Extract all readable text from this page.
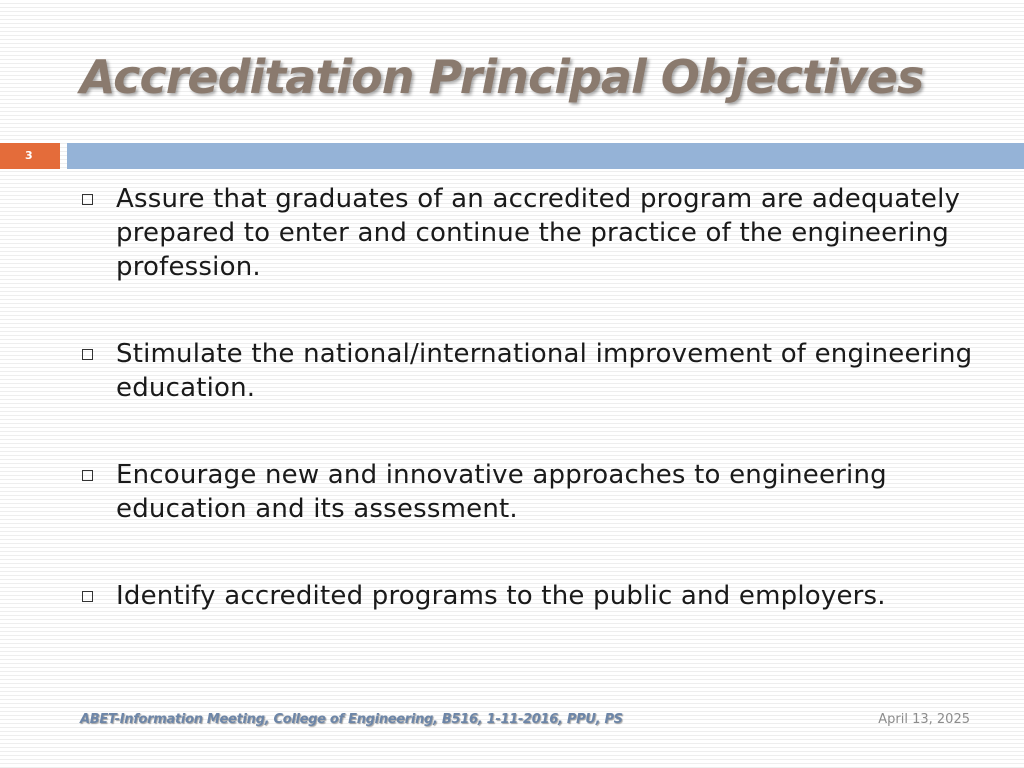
Accreditation Principal Objectives
3
Assure that graduates of an accredited program are adequately prepared to enter and continue the practice of the engineering profession.
Stimulate the national/international improvement of engineering education.
Encourage new and innovative approaches to engineering education and its assessment.
Identify accredited programs to the public and employers.
ABET-Information Meeting, College of Engineering, B516, 1-11-2016, PPU, PS	April 13, 2025
